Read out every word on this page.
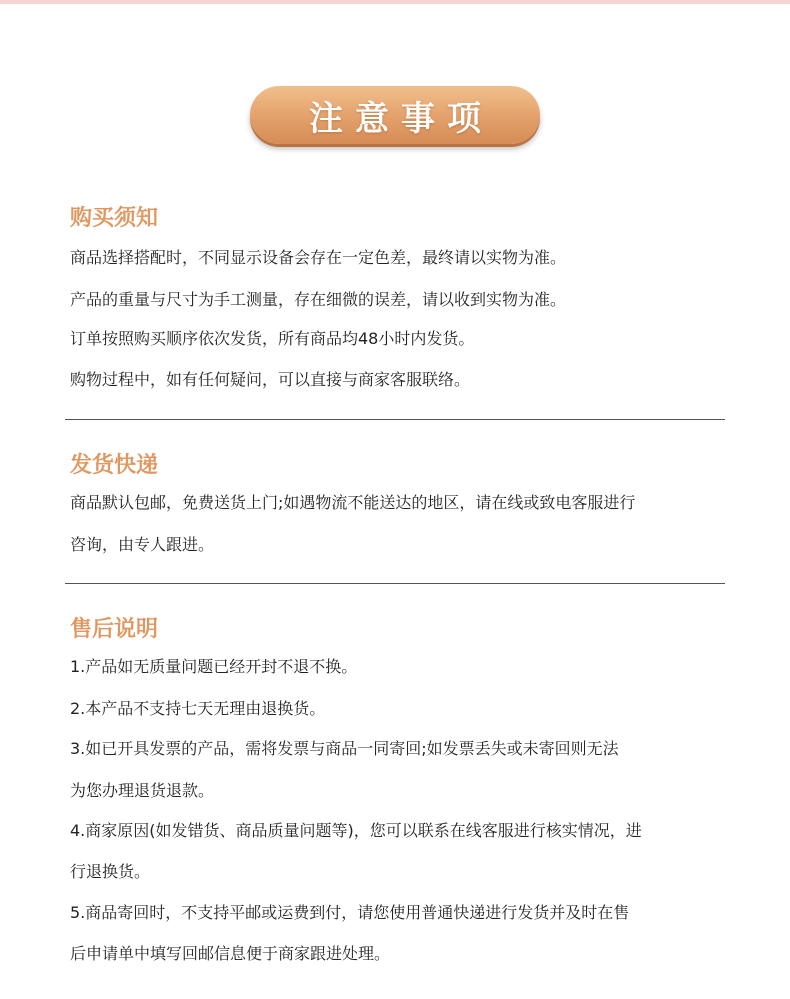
注意事项
购买须知
商品选择搭配时，不同显示设备会存在一定色差，最终请以实物为准。
产品的重量与尺寸为手工测量，存在细微的误差，请以收到实物为准。
订单按照购买顺序依次发货，所有商品均48小时内发货。
购物过程中，如有任何疑问，可以直接与商家客服联络。
发货快递
商品默认包邮，免费送货上门;如遇物流不能送达的地区，请在线或致电客服进行
咨询，由专人跟进。
售后说明
1.产品如无质量问题已经开封不退不换。
2.本产品不支持七天无理由退换货。
3.如已开具发票的产品，需将发票与商品一同寄回;如发票丢失或未寄回则无法
为您办理退货退款。
4.商家原因(如发错货、商品质量问题等)，您可以联系在线客服进行核实情况，进
行退换货。
5.商品寄回时，不支持平邮或运费到付，请您使用普通快递进行发货并及时在售
后申请单中填写回邮信息便于商家跟进处理。
